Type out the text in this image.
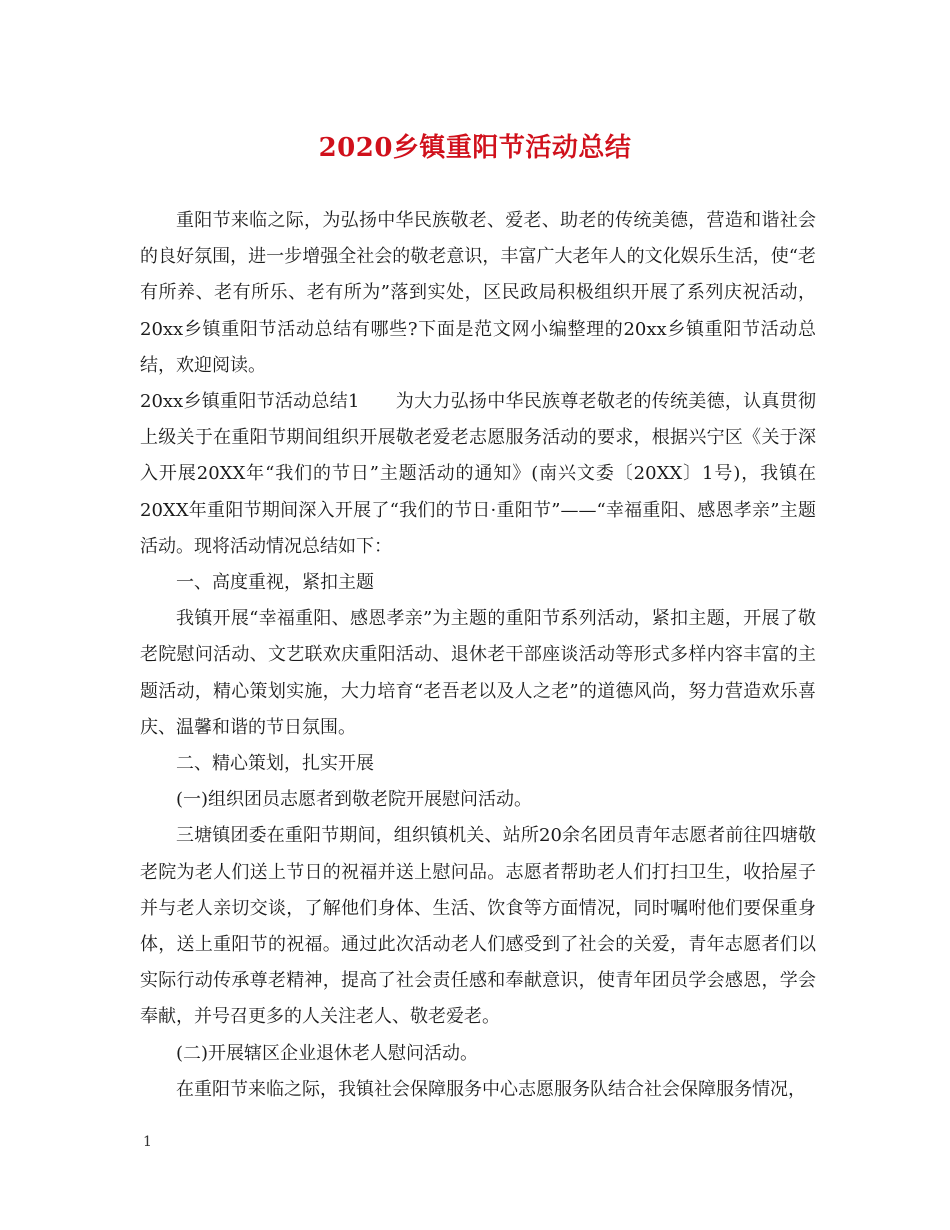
2020乡镇重阳节活动总结

重阳节来临之际，为弘扬中华民族敬老、爱老、助老的传统美德，营造和谐社会的良好氛围，进一步增强全社会的敬老意识，丰富广大老年人的文化娱乐生活，使“老有所养、老有所乐、老有所为”落到实处，区民政局积极组织开展了系列庆祝活动，20xx乡镇重阳节活动总结有哪些?下面是范文网小编整理的20xx乡镇重阳节活动总结，欢迎阅读。

20xx乡镇重阳节活动总结1 为大力弘扬中华民族尊老敬老的传统美德，认真贯彻上级关于在重阳节期间组织开展敬老爱老志愿服务活动的要求，根据兴宁区《关于深入开展20XX年“我们的节日”主题活动的通知》(南兴文委〔20XX〕1号)，我镇在20XX年重阳节期间深入开展了“我们的节日·重阳节”——“幸福重阳、感恩孝亲”主题活动。现将活动情况总结如下：

一、高度重视，紧扣主题

我镇开展“幸福重阳、感恩孝亲”为主题的重阳节系列活动，紧扣主题，开展了敬老院慰问活动、文艺联欢庆重阳活动、退休老干部座谈活动等形式多样内容丰富的主题活动，精心策划实施，大力培育“老吾老以及人之老”的道德风尚，努力营造欢乐喜庆、温馨和谐的节日氛围。

二、精心策划，扎实开展

(一)组织团员志愿者到敬老院开展慰问活动。

三塘镇团委在重阳节期间，组织镇机关、站所20余名团员青年志愿者前往四塘敬老院为老人们送上节日的祝福并送上慰问品。志愿者帮助老人们打扫卫生，收拾屋子并与老人亲切交谈，了解他们身体、生活、饮食等方面情况，同时嘱咐他们要保重身体，送上重阳节的祝福。通过此次活动老人们感受到了社会的关爱，青年志愿者们以实际行动传承尊老精神，提高了社会责任感和奉献意识，使青年团员学会感恩，学会奉献，并号召更多的人关注老人、敬老爱老。

(二)开展辖区企业退休老人慰问活动。

在重阳节来临之际，我镇社会保障服务中心志愿服务队结合社会保障服务情况，

1
